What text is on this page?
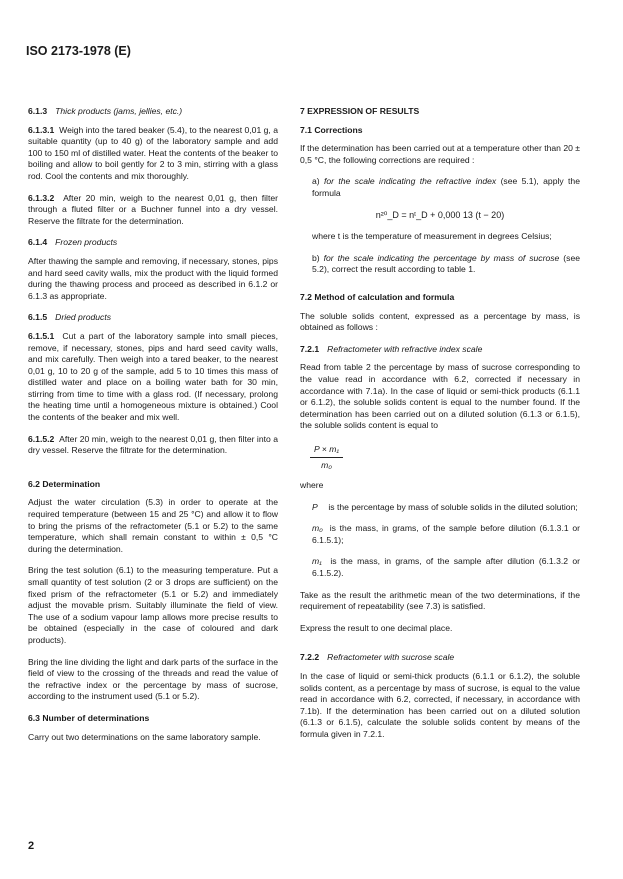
ISO 2173-1978 (E)

6.1.3 Thick products (jams, jellies, etc.)

6.1.3.1 Weigh into the tared beaker (5.4), to the nearest 0,01 g, a suitable quantity (up to 40 g) of the laboratory sample and add 100 to 150 ml of distilled water. Heat the contents of the beaker to boiling and allow to boil gently for 2 to 3 min, stirring with a glass rod. Cool the contents and mix thoroughly.

6.1.3.2 After 20 min, weigh to the nearest 0,01 g, then filter through a fluted filter or a Buchner funnel into a dry vessel. Reserve the filtrate for the determination.

6.1.4 Frozen products

After thawing the sample and removing, if necessary, stones, pips and hard seed cavity walls, mix the product with the liquid formed during the thawing process and proceed as described in 6.1.2 or 6.1.3 as appropriate.

6.1.5 Dried products

6.1.5.1 Cut a part of the laboratory sample into small pieces, remove, if necessary, stones, pips and hard seed cavity walls, and mix carefully. Then weigh into a tared beaker, to the nearest 0,01 g, 10 to 20 g of the sample, add 5 to 10 times this mass of distilled water and place on a boiling water bath for 30 min, stirring from time to time with a glass rod. (If necessary, prolong the heating time until a homogeneous mixture is obtained.) Cool the contents of the beaker and mix well.

6.1.5.2 After 20 min, weigh to the nearest 0,01 g, then filter into a dry vessel. Reserve the filtrate for the determination.

6.2 Determination

Adjust the water circulation (5.3) in order to operate at the required temperature (between 15 and 25 °C) and allow it to flow to bring the prisms of the refractometer (5.1 or 5.2) to the same temperature, which shall remain constant to within ± 0,5 °C during the determination.

Bring the test solution (6.1) to the measuring temperature. Put a small quantity of test solution (2 or 3 drops are sufficient) on the fixed prism of the refractometer (5.1 or 5.2) and immediately adjust the movable prism. Suitably illuminate the field of view. The use of a sodium vapour lamp allows more precise results to be obtained (especially in the case of coloured and dark products).

Bring the line dividing the light and dark parts of the surface in the field of view to the crossing of the threads and read the value of the refractive index or the percentage by mass of sucrose, according to the instrument used (5.1 or 5.2).

6.3 Number of determinations

Carry out two determinations on the same laboratory sample.

7 EXPRESSION OF RESULTS

7.1 Corrections

If the determination has been carried out at a temperature other than 20 ± 0,5 °C, the following corrections are required :

a) for the scale indicating the refractive index (see 5.1), apply the formula

n²⁰_D = nᵗ_D + 0,000 13 (t − 20)

where t is the temperature of measurement in degrees Celsius;

b) for the scale indicating the percentage by mass of sucrose (see 5.2), correct the result according to table 1.

7.2 Method of calculation and formula

The soluble solids content, expressed as a percentage by mass, is obtained as follows :

7.2.1 Refractometer with refractive index scale

Read from table 2 the percentage by mass of sucrose corresponding to the value read in accordance with 6.2, corrected if necessary in accordance with 7.1a). In the case of liquid or semi-thick products (6.1.1 or 6.1.2), the soluble solids content is equal to the number found. If the determination has been carried out on a diluted solution (6.1.3 or 6.1.5), the soluble solids content is equal to

$\frac{\text{P × m₁}}{\text{m₀}}$

where

P is the percentage by mass of soluble solids in the diluted solution;

m₀ is the mass, in grams, of the sample before dilution (6.1.3.1 or 6.1.5.1);

m₁ is the mass, in grams, of the sample after dilution (6.1.3.2 or 6.1.5.2).

Take as the result the arithmetic mean of the two determinations, if the requirement of repeatability (see 7.3) is satisfied.

Express the result to one decimal place.

7.2.2 Refractometer with sucrose scale

In the case of liquid or semi-thick products (6.1.1 or 6.1.2), the soluble solids content, as a percentage by mass of sucrose, is equal to the value read in accordance with 6.2, corrected, if necessary, in accordance with 7.1b). If the determination has been carried out on a diluted solution (6.1.3 or 6.1.5), calculate the soluble solids content by means of the formula given in 7.2.1.

2
